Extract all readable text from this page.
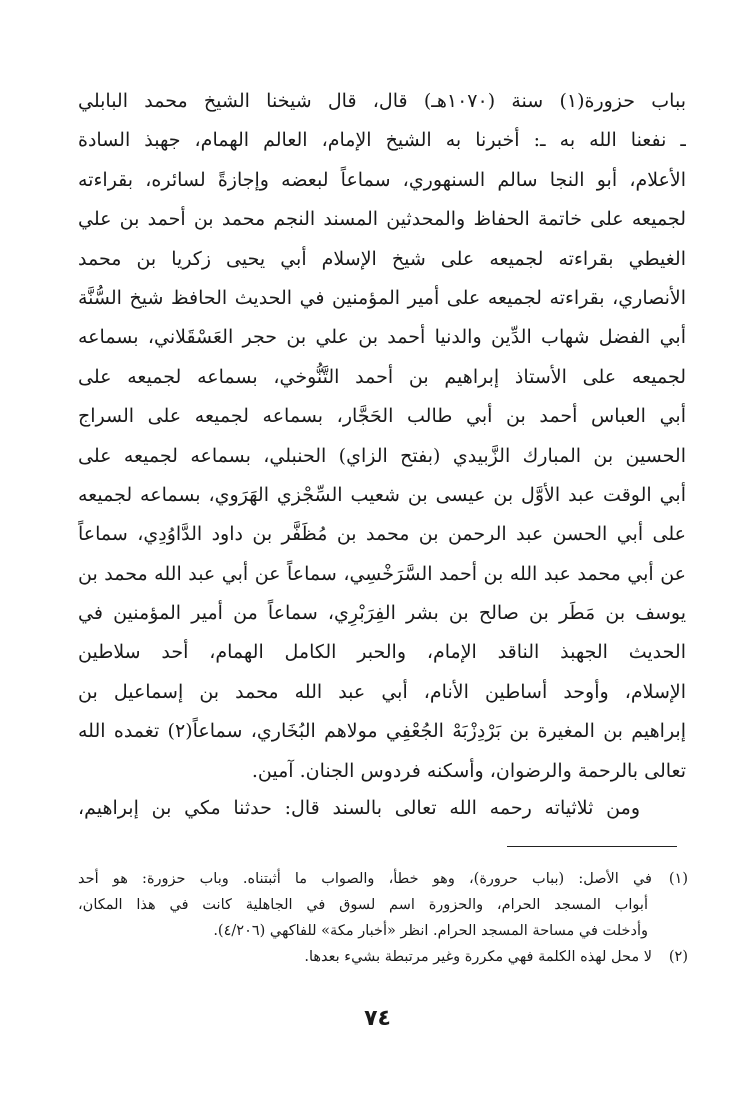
بباب حزورة(١) سنة (١٠٧٠هـ) قال، قال شيخنا الشيخ محمد البابلي
ـ نفعنا الله به ـ: أخبرنا به الشيخ الإمام، العالم الهمام، جهبذ السادة
الأعلام، أبو النجا سالم السنهوري، سماعاً لبعضه وإجازةً لسائره، بقراءته
لجميعه على خاتمة الحفاظ والمحدثين المسند النجم محمد بن أحمد بن علي
الغيطي بقراءته لجميعه على شيخ الإسلام أبي يحيى زكريا بن محمد
الأنصاري، بقراءته لجميعه على أمير المؤمنين في الحديث الحافظ شيخ السُّنَّة
أبي الفضل شهاب الدِّين والدنيا أحمد بن علي بن حجر العَسْقَلاني، بسماعه
لجميعه على الأستاذ إبراهيم بن أحمد التَّنُّوخي، بسماعه لجميعه على
أبي العباس أحمد بن أبي طالب الحَجَّار، بسماعه لجميعه على السراج
الحسين بن المبارك الزَّبيدي (بفتح الزاي) الحنبلي، بسماعه لجميعه على
أبي الوقت عبد الأوَّل بن عيسى بن شعيب السِّجْزي الهَرَوي، بسماعه لجميعه
على أبي الحسن عبد الرحمن بن محمد بن مُظَفَّر بن داود الدَّاوُدِي، سماعاً
عن أبي محمد عبد الله بن أحمد السَّرَخْسِي، سماعاً عن أبي عبد الله محمد بن
يوسف بن مَطَر بن صالح بن بشر الفِرَبْرِي، سماعاً من أمير المؤمنين في
الحديث الجهبذ الناقد الإمام، والحبر الكامل الهمام، أحد سلاطين
الإسلام، وأوحد أساطين الأنام، أبي عبد الله محمد بن إسماعيل بن
إبراهيم بن المغيرة بن بَرْدِزْبَهْ الجُعْفِي مولاهم البُخَاري، سماعاً(٢) تغمده الله
تعالى بالرحمة والرضوان، وأسكنه فردوس الجنان. آمين.
ومن ثلاثياته رحمه الله تعالى بالسند قال: حدثنا مكي بن إبراهيم،
(١)في الأصل: (بباب حرورة)، وهو خطأ، والصواب ما أثبتناه. وباب حزورة: هو أحد
أبواب المسجد الحرام، والحزورة اسم لسوق في الجاهلية كانت في هذا المكان،
وأدخلت في مساحة المسجد الحرام. انظر «أخبار مكة» للفاكهي (٤/٢٠٦).
(٢)لا محل لهذه الكلمة فهي مكررة وغير مرتبطة بشيء بعدها.
٧٤
